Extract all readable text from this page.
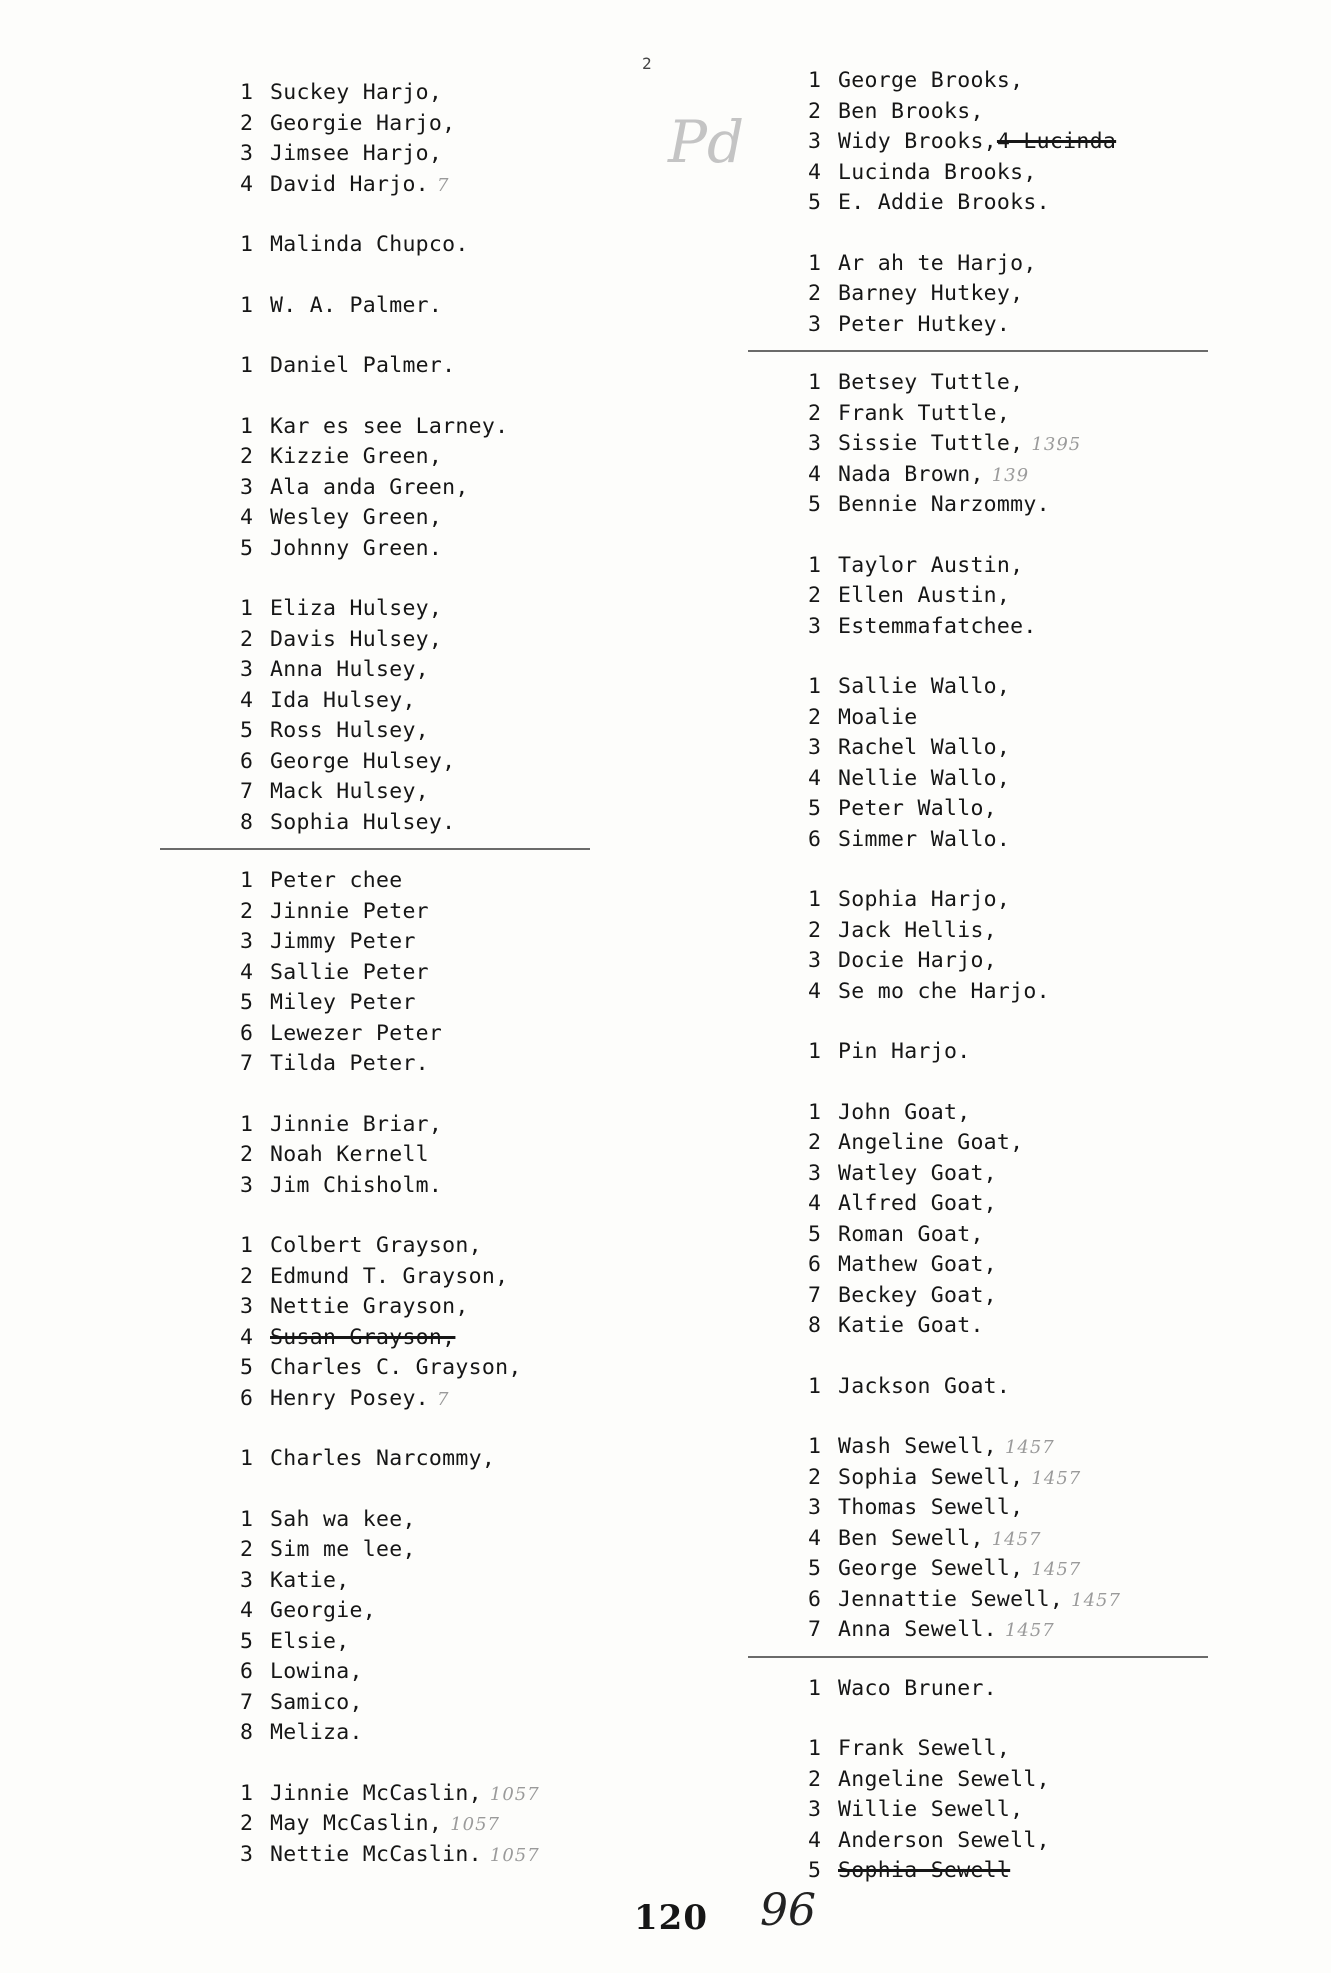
2
Pd
1 Suckey Harjo,
2 Georgie Harjo,
3 Jimsee Harjo,
4 David Harjo. 7
1 Malinda Chupco.
1 W. A. Palmer.
1 Daniel Palmer.
1 Kar es see Larney.
2 Kizzie Green,
3 Ala anda Green,
4 Wesley Green,
5 Johnny Green.
1 Eliza Hulsey,
2 Davis Hulsey,
3 Anna Hulsey,
4 Ida Hulsey,
5 Ross Hulsey,
6 George Hulsey,
7 Mack Hulsey,
8 Sophia Hulsey.
1 Peter chee
2 Jinnie Peter
3 Jimmy Peter
4 Sallie Peter
5 Miley Peter
6 Lewezer Peter
7 Tilda Peter.
1 Jinnie Briar,
2 Noah Kernell
3 Jim Chisholm.
1 Colbert Grayson,
2 Edmund T. Grayson,
3 Nettie Grayson,
4 Susan Grayson,
5 Charles C. Grayson,
6 Henry Posey. 7
1 Charles Narcommy,
1 Sah wa kee,
2 Sim me lee,
3 Katie,
4 Georgie,
5 Elsie,
6 Lowina,
7 Samico,
8 Meliza.
1 Jinnie McCaslin, 1057
2 May McCaslin, 1057
3 Nettie McCaslin. 1057
1 George Brooks,
2 Ben Brooks,
3 Widy Brooks,4 Lucinda
4 Lucinda Brooks,
5 E. Addie Brooks.
1 Ar ah te Harjo,
2 Barney Hutkey,
3 Peter Hutkey.
1 Betsey Tuttle,
2 Frank Tuttle,
3 Sissie Tuttle, 1395
4 Nada Brown, 139
5 Bennie Narzommy.
1 Taylor Austin,
2 Ellen Austin,
3 Estemmafatchee.
1 Sallie Wallo,
2 Moalie
3 Rachel Wallo,
4 Nellie Wallo,
5 Peter Wallo,
6 Simmer Wallo.
1 Sophia Harjo,
2 Jack Hellis,
3 Docie Harjo,
4 Se mo che Harjo.
1 Pin Harjo.
1 John Goat,
2 Angeline Goat,
3 Watley Goat,
4 Alfred Goat,
5 Roman Goat,
6 Mathew Goat,
7 Beckey Goat,
8 Katie Goat.
1 Jackson Goat.
1 Wash Sewell, 1457
2 Sophia Sewell, 1457
3 Thomas Sewell,
4 Ben Sewell, 1457
5 George Sewell, 1457
6 Jennattie Sewell, 1457
7 Anna Sewell. 1457
1 Waco Bruner.
1 Frank Sewell,
2 Angeline Sewell,
3 Willie Sewell,
4 Anderson Sewell,
5 Sophia Sewell
120 96
